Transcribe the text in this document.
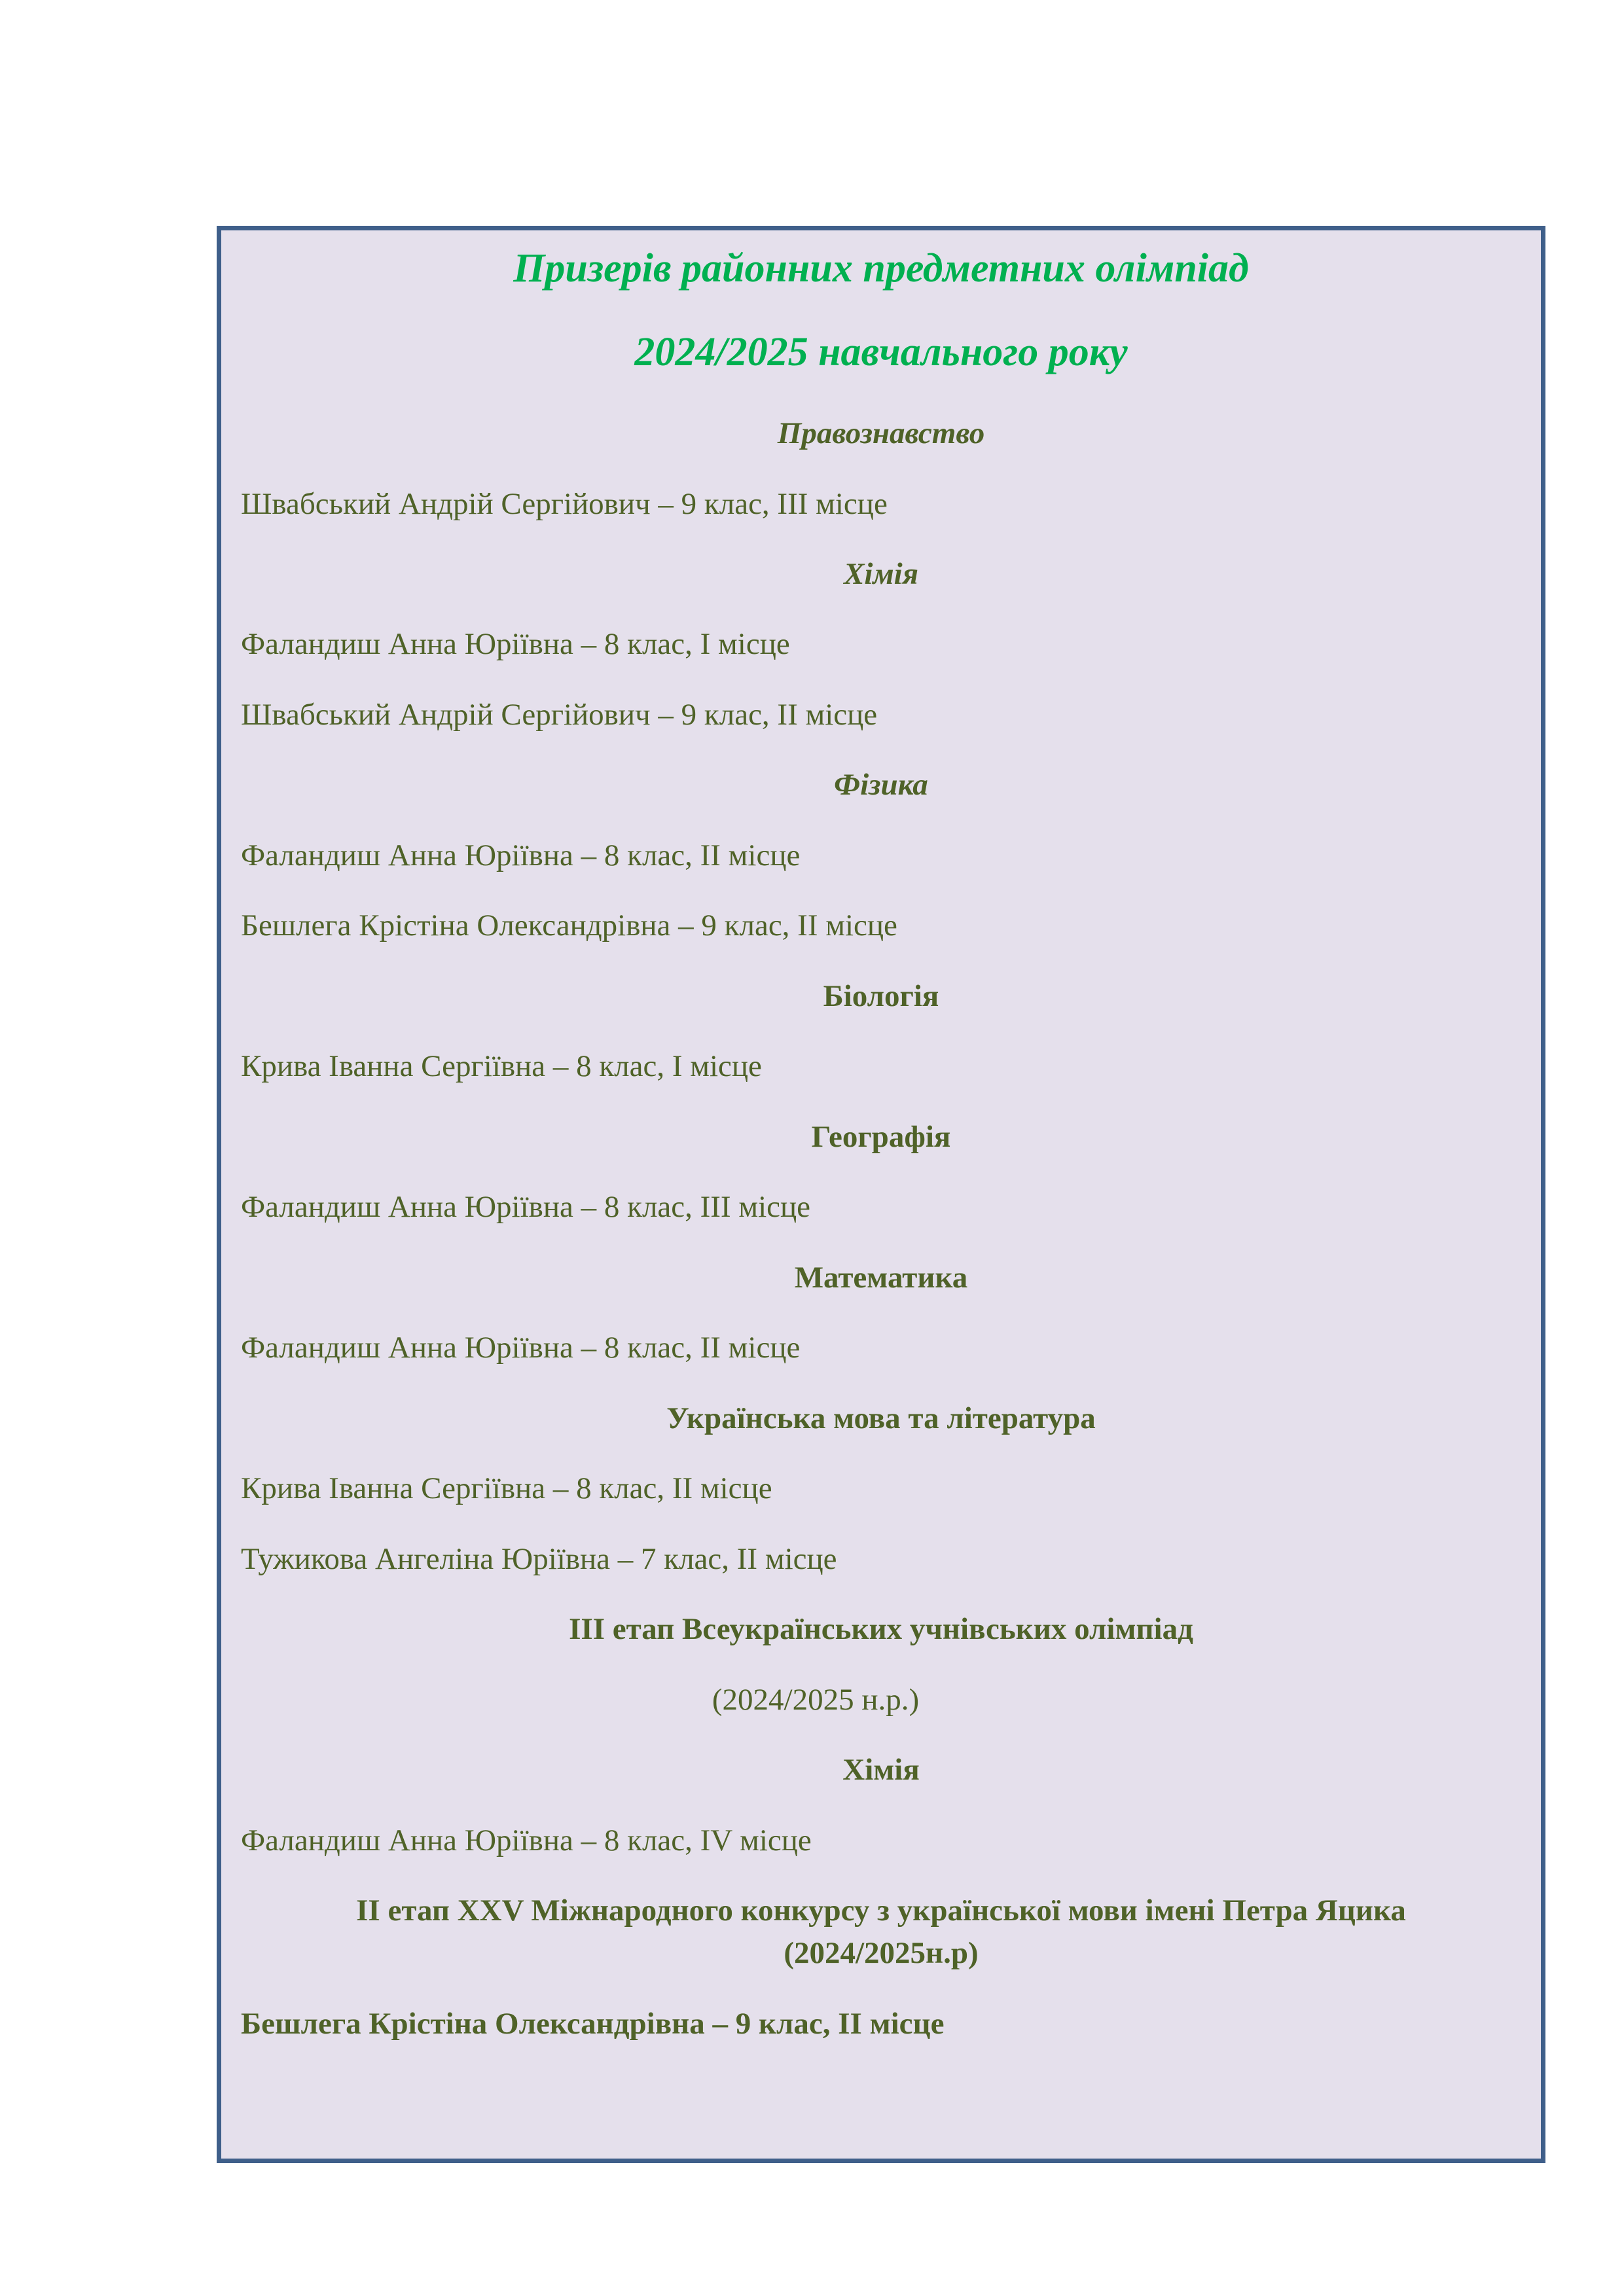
Призерів районних предметних олімпіад
2024/2025 навчального року
Правознавство
Швабський Андрій Сергійович – 9 клас, ІІІ місце
Хімія
Фаландиш Анна Юріївна – 8 клас, І місце
Швабський Андрій Сергійович – 9 клас, ІІ місце
Фізика
Фаландиш Анна Юріївна – 8 клас, ІІ місце
Бешлега Крістіна Олександрівна – 9 клас, ІІ місце
Біологія
Крива Іванна Сергіївна – 8 клас, І місце
Географія
Фаландиш Анна Юріївна – 8 клас, ІІІ місце
Математика
Фаландиш Анна Юріївна – 8 клас, ІІ місце
Українська мова та література
Крива Іванна Сергіївна – 8 клас, ІІ місце
Тужикова Ангеліна Юріївна – 7 клас, ІІ місце
ІІІ етап Всеукраїнських учнівських олімпіад
(2024/2025 н.р.)
Хімія
Фаландиш Анна Юріївна – 8 клас, ІV місце
ІІ етап ХХV Міжнародного конкурсу з української мови імені Петра Яцика
(2024/2025н.р)
Бешлега Крістіна Олександрівна – 9 клас, ІІ місце
